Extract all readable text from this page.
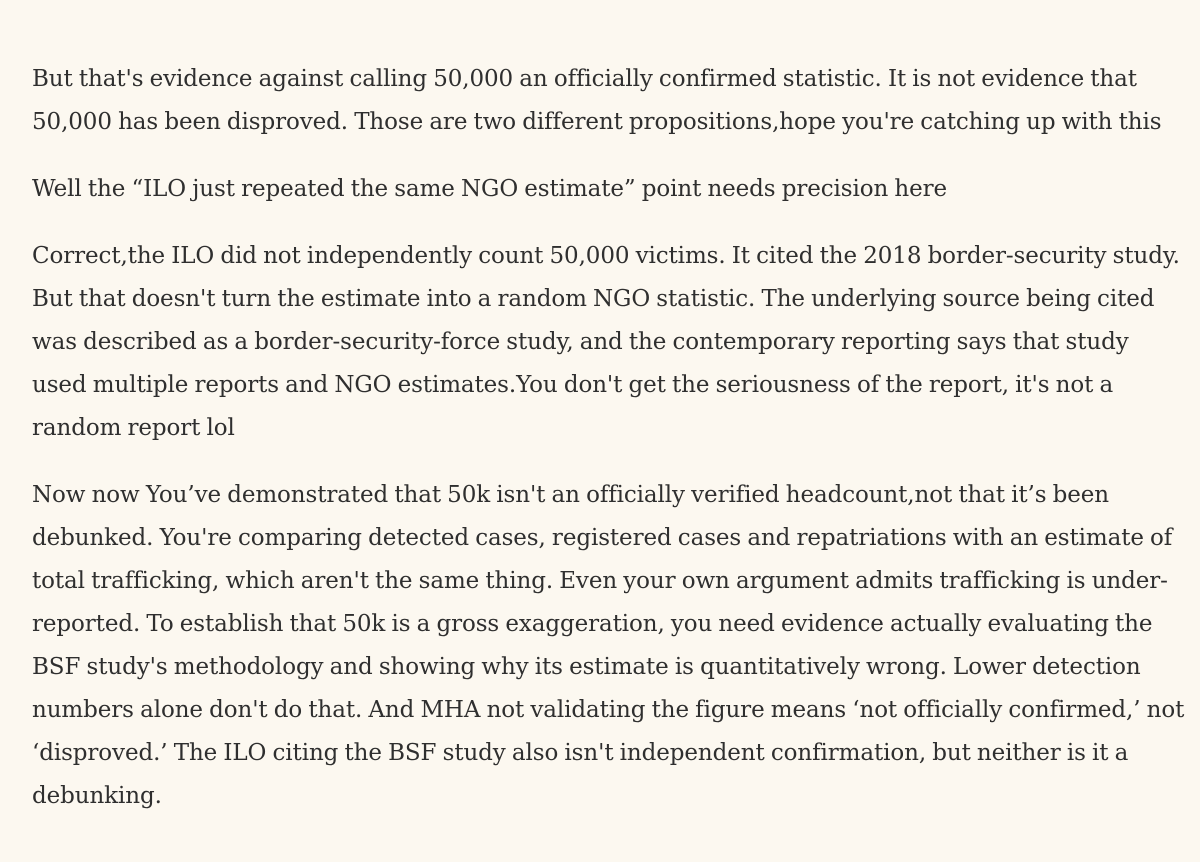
But that's evidence against calling 50,000 an officially confirmed statistic. It is not evidence that 50,000 has been disproved. Those are two different propositions,hope you're catching up with this

Well the “ILO just repeated the same NGO estimate” point needs precision here

Correct,the ILO did not independently count 50,000 victims. It cited the 2018 border-security study. But that doesn't turn the estimate into a random NGO statistic. The underlying source being cited was described as a border-security-force study, and the contemporary reporting says that study used multiple reports and NGO estimates.You don't get the seriousness of the report, it's not a random report lol

Now now You’ve demonstrated that 50k isn't an officially verified headcount,not that it’s been debunked. You're comparing detected cases, registered cases and repatriations with an estimate of total trafficking, which aren't the same thing. Even your own argument admits trafficking is under-reported. To establish that 50k is a gross exaggeration, you need evidence actually evaluating the BSF study's methodology and showing why its estimate is quantitatively wrong. Lower detection numbers alone don't do that. And MHA not validating the figure means ‘not officially confirmed,’ not ‘disproved.’ The ILO citing the BSF study also isn't independent confirmation, but neither is it a debunking.
